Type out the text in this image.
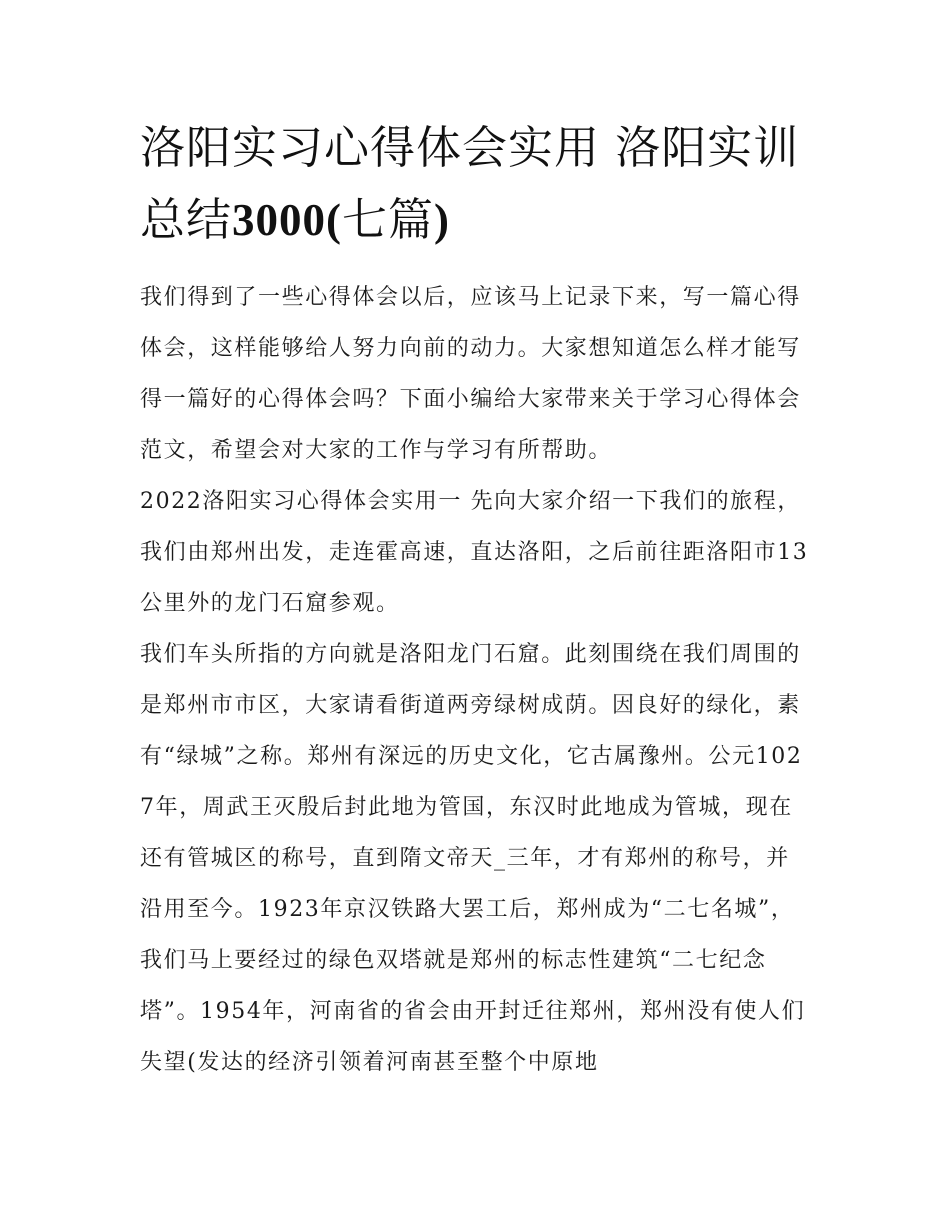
洛阳实习心得体会实用 洛阳实训总结3000(七篇)

我们得到了一些心得体会以后，应该马上记录下来，写一篇心得体会，这样能够给人努力向前的动力。大家想知道怎么样才能写得一篇好的心得体会吗？下面小编给大家带来关于学习心得体会范文，希望会对大家的工作与学习有所帮助。

2022洛阳实习心得体会实用一 先向大家介绍一下我们的旅程，我们由郑州出发，走连霍高速，直达洛阳，之后前往距洛阳市13公里外的龙门石窟参观。

我们车头所指的方向就是洛阳龙门石窟。此刻围绕在我们周围的是郑州市市区，大家请看街道两旁绿树成荫。因良好的绿化，素有“绿城”之称。郑州有深远的历史文化，它古属豫州。公元1027年，周武王灭殷后封此地为管国，东汉时此地成为管城，现在还有管城区的称号，直到隋文帝天_三年，才有郑州的称号，并沿用至今。1923年京汉铁路大罢工后，郑州成为“二七名城”，我们马上要经过的绿色双塔就是郑州的标志性建筑“二七纪念塔”。1954年，河南省的省会由开封迁往郑州，郑州没有使人们失望(发达的经济引领着河南甚至整个中原地
